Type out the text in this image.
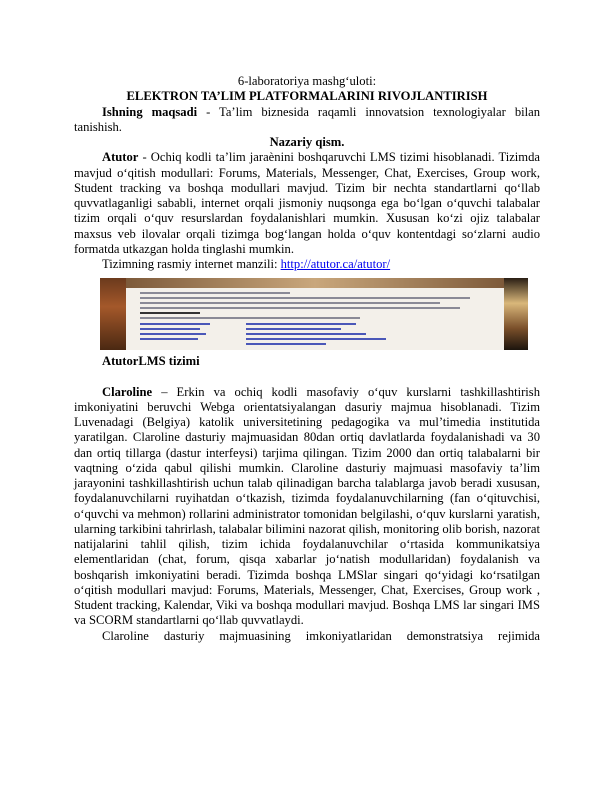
6-laboratoriya mashg‘uloti:

ELEKTRON TA’LIM PLATFORMALARINI RIVOJLANTIRISH

Ishning maqsadi - Ta’lim biznesida raqamli innovatsion texnologiyalar bilan tanishish.

Nazariy qism.

Atutor - Ochiq kodli ta’lim jaraènini boshqaruvchi LMS tizimi hisoblanadi. Tizimda mavjud o‘qitish modullari: Forums, Materials, Messenger, Chat, Exercises, Group work, Student tracking va boshqa modullari mavjud. Tizim bir nechta standartlarni qo‘llab quvvatlaganligi sababli, internet orqali jismoniy nuqsonga ega bo‘lgan o‘quvchi talabalar tizim orqali o‘quv resurslardan foydalanishlari mumkin. Xususan ko‘zi ojiz talabalar maxsus veb ilovalar orqali tizimga bog‘langan holda o‘quv kontentdagi so‘zlarni audio formatda utkazgan holda tinglashi mumkin.

Tizimning rasmiy internet manzili: http://atutor.ca/atutor/

AtutorLMS tizimi

Claroline – Erkin va ochiq kodli masofaviy o‘quv kurslarni tashkillashtirish imkoniyatini beruvchi Webga orientatsiyalangan dasuriy majmua hisoblanadi. Tizim Luvenadagi (Belgiya) katolik universitetining pedagogika va mul’timedia institutida yaratilgan. Claroline dasturiy majmuasidan 80dan ortiq davlatlarda foydalanishadi va 30 dan ortiq tillarga (dastur interfeysi) tarjima qilingan. Tizim 2000 dan ortiq talabalarni bir vaqtning o‘zida qabul qilishi mumkin. Claroline dasturiy majmuasi masofaviy ta’lim jarayonini tashkillashtirish uchun talab qilinadigan barcha talablarga javob beradi xususan, foydalanuvchilarni ruyihatdan o‘tkazish, tizimda foydalanuvchilarning (fan o‘qituvchisi, o‘quvchi va mehmon) rollarini administrator tomonidan belgilashi, o‘quv kurslarni yaratish, ularning tarkibini tahrirlash, talabalar bilimini nazorat qilish, monitoring olib borish, nazorat natijalarini tahlil qilish, tizim ichida foydalanuvchilar o‘rtasida kommunikatsiya elementlaridan (chat, forum, qisqa xabarlar jo‘natish modullaridan) foydalanish va boshqarish imkoniyatini beradi. Tizimda boshqa LMSlar singari qo‘yidagi ko‘rsatilgan o‘qitish modullari mavjud: Forums, Materials, Messenger, Chat, Exercises, Group work , Student tracking, Kalendar, Viki va boshqa modullari mavjud. Boshqa LMS lar singari IMS va SCORM standartlarni qo‘llab quvvatlaydi.

Claroline dasturiy majmuasining imkoniyatlaridan demonstratsiya rejimida
